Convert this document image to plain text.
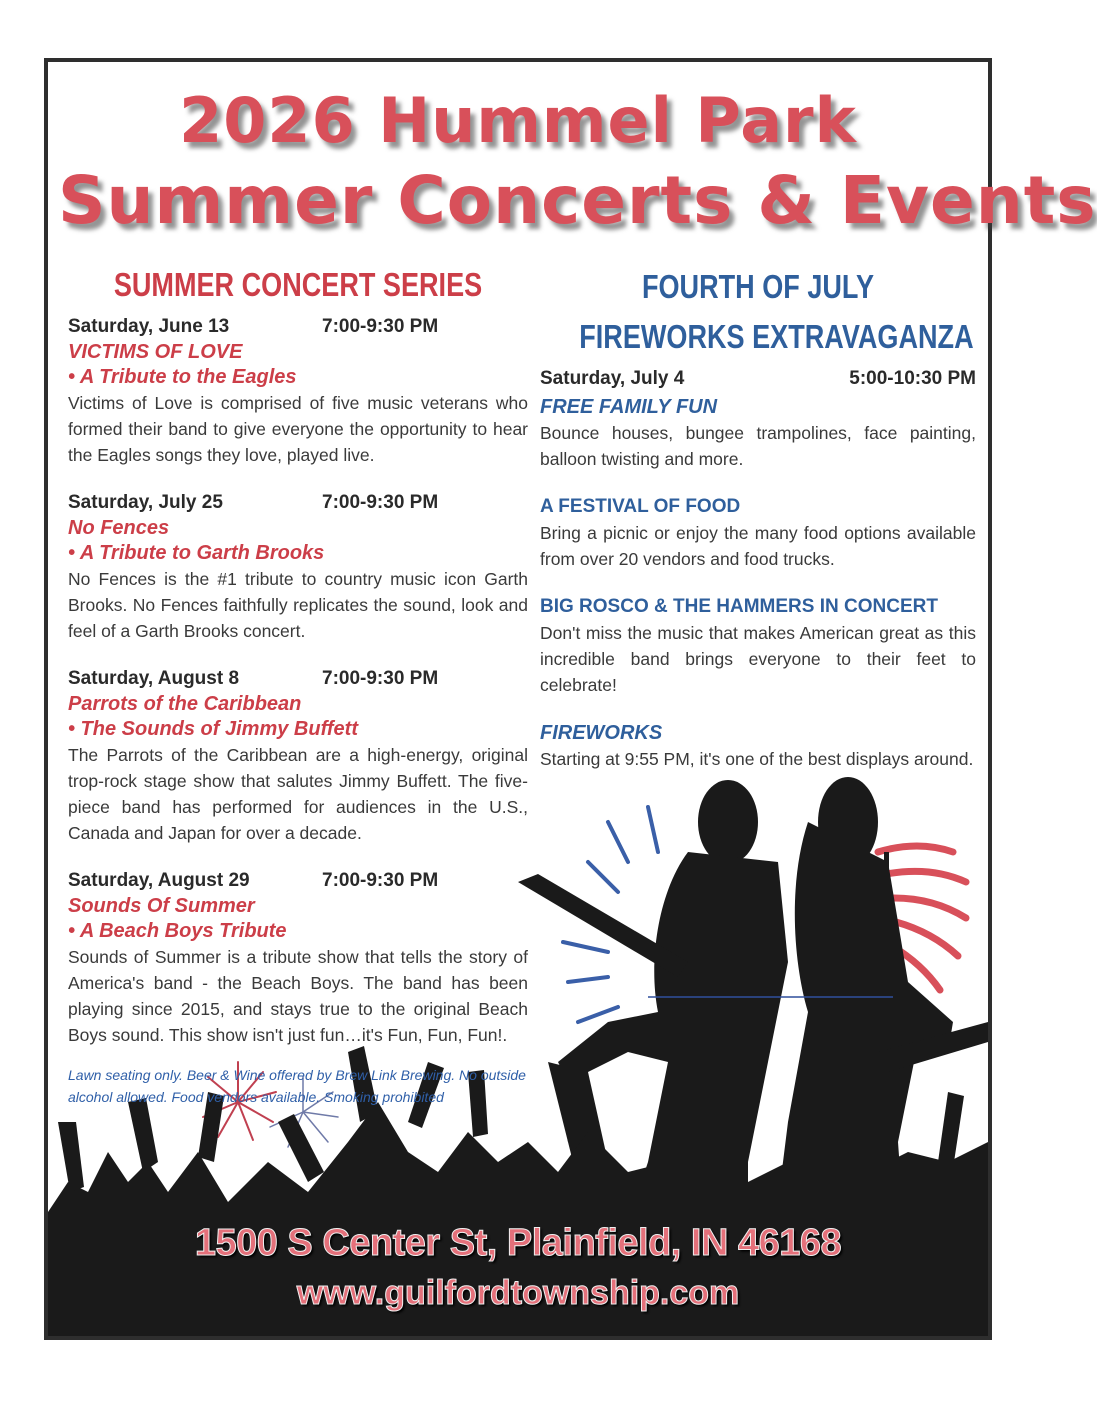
2026 Hummel Park
Summer Concerts & Events
SUMMER CONCERT SERIES
Saturday, June 13	7:00-9:30 PM
VICTIMS OF LOVE
• A Tribute to the Eagles
Victims of Love is comprised of five music veterans who formed their band to give everyone the opportunity to hear the Eagles songs they love, played live.
Saturday, July 25	7:00-9:30 PM
No Fences
• A Tribute to Garth Brooks
No Fences is the #1 tribute to country music icon Garth Brooks. No Fences faithfully replicates the sound, look and feel of a Garth Brooks concert.
Saturday, August 8	7:00-9:30 PM
Parrots of the Caribbean
• The Sounds of Jimmy Buffett
The Parrots of the Caribbean are a high-energy, original trop-rock stage show that salutes Jimmy Buffett. The five-piece band has performed for audiences in the U.S., Canada and Japan for over a decade.
Saturday, August 29	7:00-9:30 PM
Sounds Of Summer
• A Beach Boys Tribute
Sounds of Summer is a tribute show that tells the story of America's band - the Beach Boys. The band has been playing since 2015, and stays true to the original Beach Boys sound. This show isn't just fun…it's Fun, Fun, Fun!.
Lawn seating only. Beer & Wine offered by Brew Link Brewing. No outside alcohol allowed. Food vendors available. Smoking prohibited
FOURTH OF JULY
FIREWORKS EXTRAVAGANZA
Saturday, July 4	5:00-10:30 PM
FREE FAMILY FUN
Bounce houses, bungee trampolines, face painting, balloon twisting and more.
A FESTIVAL OF FOOD
Bring a picnic or enjoy the many food options available from over 20 vendors and food trucks.
BIG ROSCO & THE HAMMERS IN CONCERT
Don't miss the music that makes American great as this incredible band brings everyone to their feet to celebrate!
FIREWORKS
Starting at 9:55 PM, it's one of the best displays around.
1500 S Center St, Plainfield, IN 46168
www.guilfordtownship.com
